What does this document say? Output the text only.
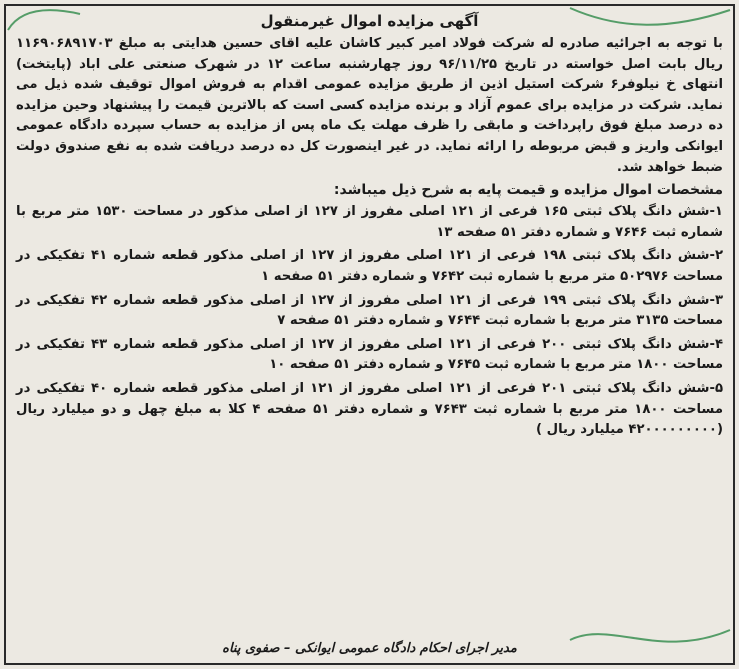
آگهی مزایده اموال غیرمنقول

با توجه به اجرائیه صادره له شرکت فولاد امیر کبیر کاشان علیه اقای حسین هدایتی به مبلغ ۱۱۶۹۰۶۸۹۱۷۰۳ ریال بابت اصل خواسته در تاریخ ۹۶/۱۱/۲۵ روز چهارشنبه ساعت ۱۲ در شهرک صنعتی علی اباد (پایتخت) انتهای خ نیلوفر۶ شرکت استیل اذین از طریق مزایده عمومی اقدام به فروش اموال توقیف شده ذیل می نماید. شرکت در مزایده برای عموم آزاد و برنده مزایده کسی است که بالاترین قیمت را پیشنهاد وحین مزایده ده درصد مبلغ فوق راپرداخت و مابقی را ظرف مهلت یک ماه پس از مزایده به حساب سپرده دادگاه عمومی ایوانکی واریز و قبض مربوطه را ارائه نماید. در غیر اینصورت کل ده درصد دریافت شده به نفع صندوق دولت ضبط خواهد شد.

مشخصات اموال مزایده و قیمت پایه به شرح ذیل میباشد:

۱-شش دانگ پلاک ثبتی ۱۶۵ فرعی از ۱۲۱ اصلی مفروز از ۱۲۷ از اصلی مذکور در مساحت ۱۵۳۰ متر مربع با شماره ثبت ۷۶۴۶ و شماره دفتر ۵۱ صفحه ۱۳

۲-شش دانگ پلاک ثبتی ۱۹۸ فرعی از ۱۲۱ اصلی مفروز از ۱۲۷ از اصلی مذکور قطعه شماره ۴۱ تفکیکی در مساحت ۵۰۲۹۷۶ متر مربع با شماره ثبت ۷۶۴۲ و شماره دفتر ۵۱ صفحه ۱

۳-شش دانگ پلاک ثبتی ۱۹۹ فرعی از ۱۲۱ اصلی مفروز از ۱۲۷ از اصلی مذکور قطعه شماره ۴۲ تفکیکی در مساحت ۳۱۳۵ متر مربع با شماره ثبت ۷۶۴۴ و شماره دفتر ۵۱ صفحه ۷

۴-شش دانگ پلاک ثبتی ۲۰۰ فرعی از ۱۲۱ اصلی مفروز از ۱۲۷ از اصلی مذکور قطعه شماره ۴۳ تفکیکی در مساحت ۱۸۰۰ متر مربع با شماره ثبت ۷۶۴۵ و شماره دفتر ۵۱ صفحه ۱۰

۵-شش دانگ پلاک ثبتی ۲۰۱ فرعی از ۱۲۱ اصلی مفروز از ۱۲۱ از اصلی مذکور قطعه شماره ۴۰ تفکیکی در مساحت ۱۸۰۰ متر مربع با شماره ثبت ۷۶۴۳ و شماره دفتر ۵۱ صفحه ۴ کلا به مبلغ چهل و دو میلیارد ریال (۴۲۰۰۰۰۰۰۰۰۰ میلیارد ریال )

مدیر اجرای احکام دادگاه عمومی ایوانکی – صفوی پناه
